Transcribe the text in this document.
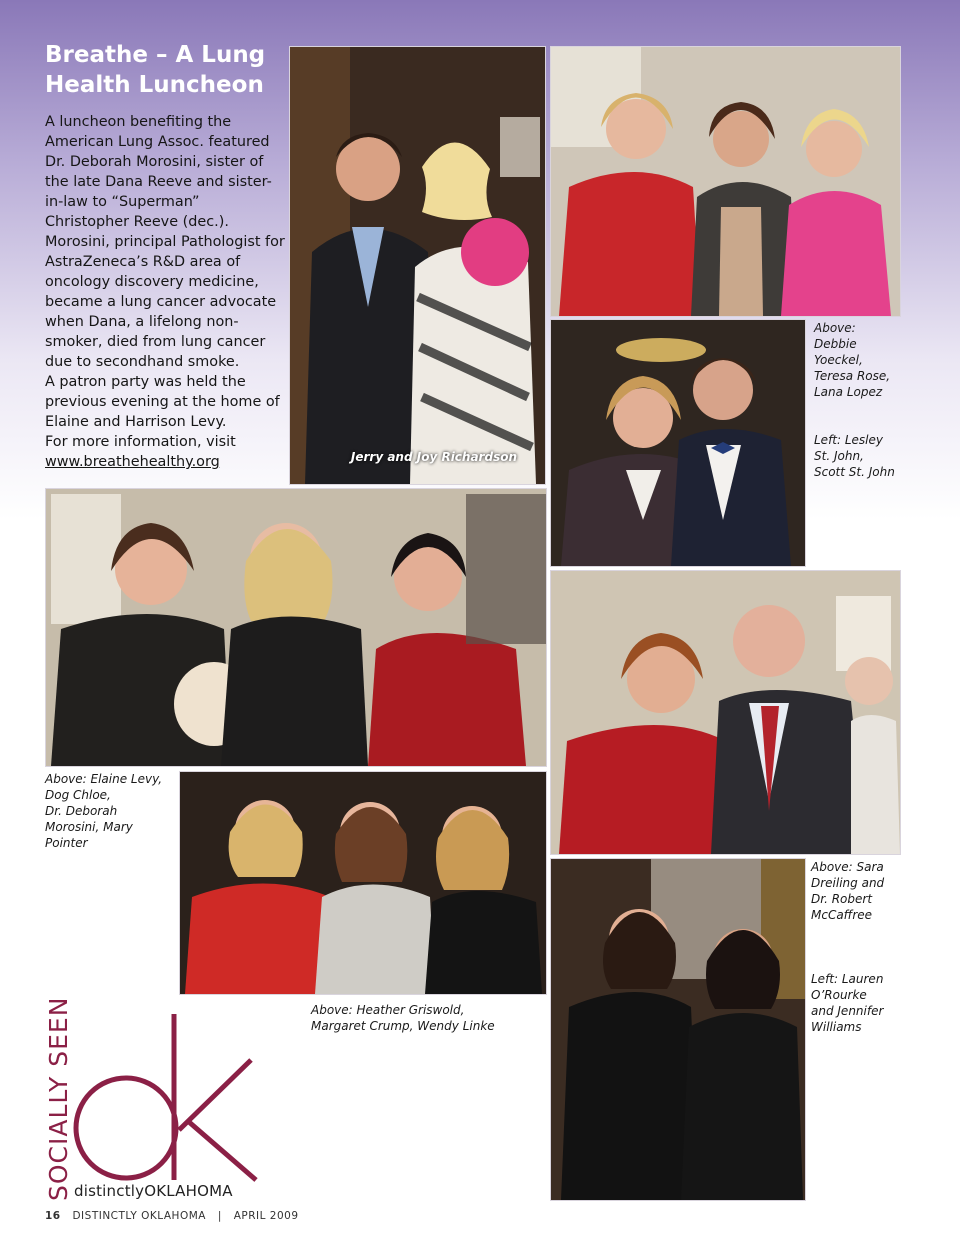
Breathe – A Lung Health Luncheon

A luncheon benefiting the American Lung Assoc. featured Dr. Deborah Morosini, sister of the late Dana Reeve and sister-in-law to “Superman” Christopher Reeve (dec.). Morosini, principal Pathologist for AstraZeneca’s R&D area of oncology discovery medicine, became a lung cancer advocate when Dana, a lifelong non-smoker, died from lung cancer due to secondhand smoke.

A patron party was held the previous evening at the home of Elaine and Harrison Levy.

For more information, visit
www.breathehealthy.org	Jerry and Joy Richardson
Above:
Debbie
Yoeckel,
Teresa Rose,
Lana Lopez
Left: Lesley
St. John,
Scott St. John
Above: Elaine Levy,
Dog Chloe,
Dr. Deborah
Morosini, Mary
Pointer
Above: Heather Griswold,
Margaret Crump, Wendy Linke
Above: Sara
Dreiling and
Dr. Robert
McCaffree
Left: Lauren
O’Rourke
and Jennifer
Williams
SOCIALLY SEEN distinctlyOKLAHOMA
16 DISTINCTLY OKLAHOMA | APRIL 2009
